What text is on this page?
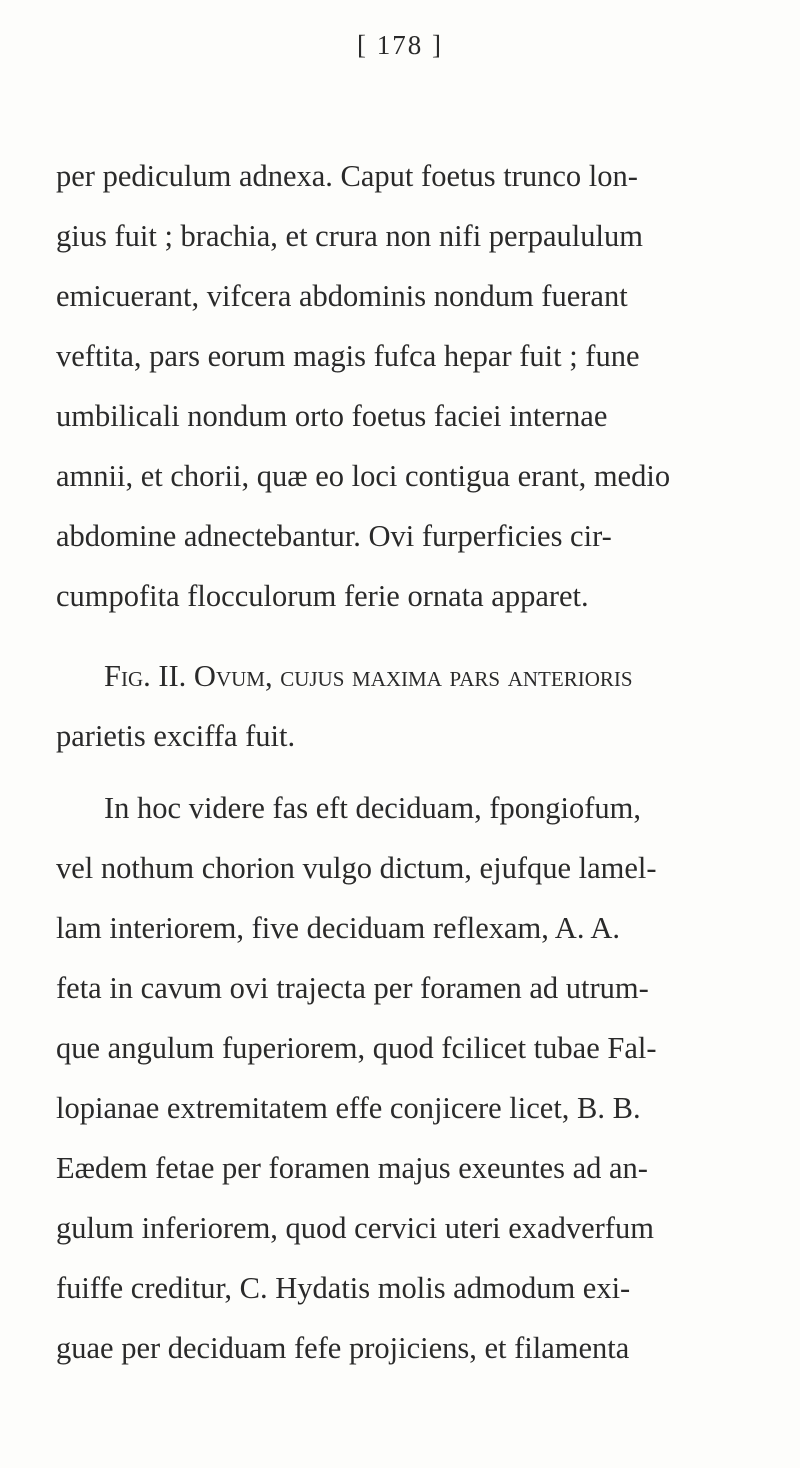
[ 178 ]
per pediculum adnexa. Caput foetus trunco lon-
gius fuit ; brachia, et crura non nifi perpaululum
emicuerant, vifcera abdominis nondum fuerant
veftita, pars eorum magis fufca hepar fuit ; fune
umbilicali nondum orto foetus faciei internae
amnii, et chorii, quæ eo loci contigua erant, medio
abdomine adnectebantur. Ovi furperficies cir-
cumpofita flocculorum ferie ornata apparet.
Fig. II. Ovum, cujus maxima pars anterioris
parietis exciffa fuit.
In hoc videre fas eft deciduam, fpongiofum,
vel nothum chorion vulgo dictum, ejufque lamel-
lam interiorem, five deciduam reflexam, A. A.
feta in cavum ovi trajecta per foramen ad utrum-
que angulum fuperiorem, quod fcilicet tubae Fal-
lopianae extremitatem effe conjicere licet, B. B.
Eædem fetae per foramen majus exeuntes ad an-
gulum inferiorem, quod cervici uteri exadverfum
fuiffe creditur, C. Hydatis molis admodum exi-
guae per deciduam fefe projiciens, et filamenta
